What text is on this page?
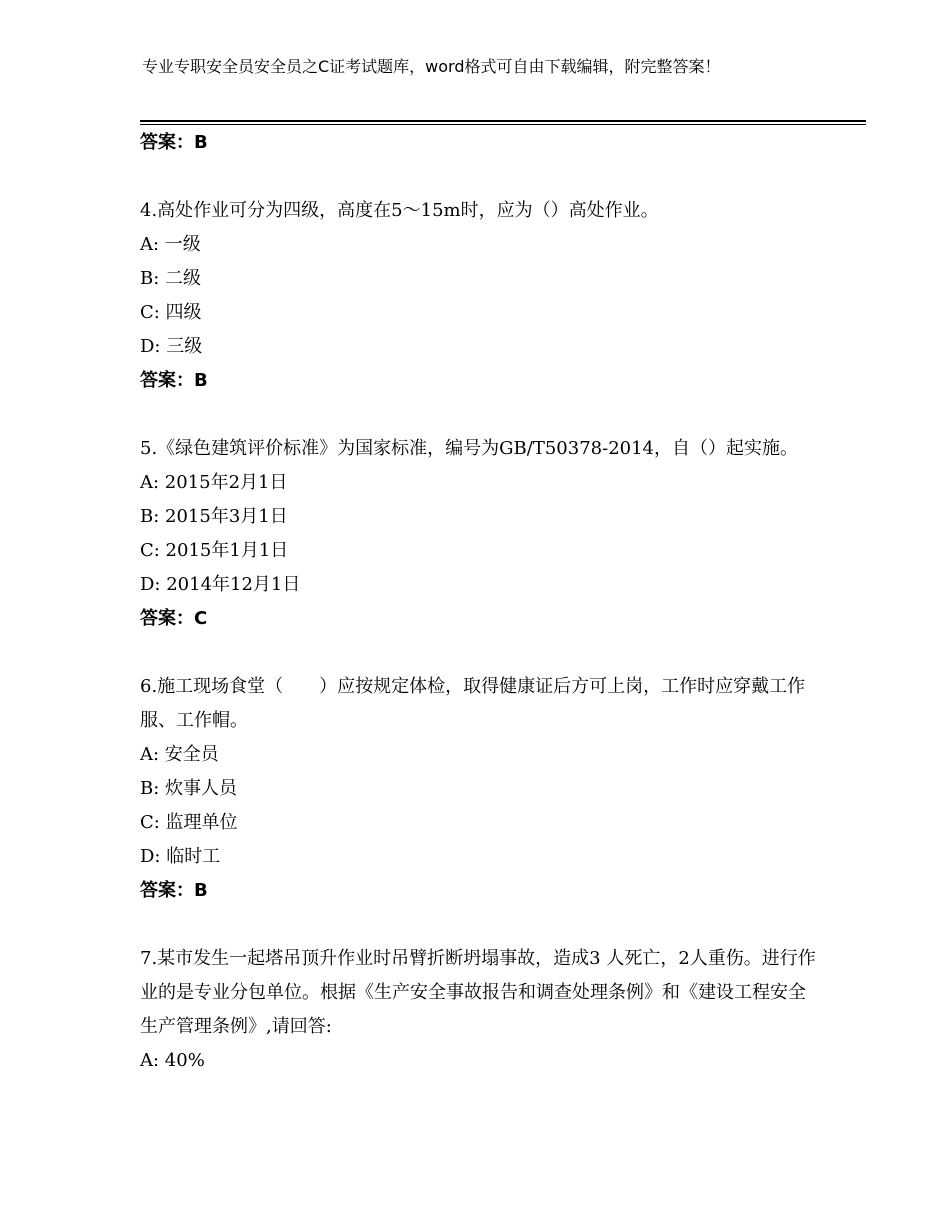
专业专职安全员安全员之C证考试题库，word格式可自由下载编辑，附完整答案！

答案：B

4.高处作业可分为四级，高度在5～15m时，应为（）高处作业。

A: 一级

B: 二级

C: 四级

D: 三级

答案：B

5.《绿色建筑评价标准》为国家标准，编号为GB/T50378-2014，自（）起实施。

A: 2015年2月1日

B: 2015年3月1日

C: 2015年1月1日

D: 2014年12月1日

答案：C

6.施工现场食堂（　　）应按规定体检，取得健康证后方可上岗，工作时应穿戴工作服、工作帽。

A: 安全员

B: 炊事人员

C: 监理单位

D: 临时工

答案：B

7.某市发生一起塔吊顶升作业时吊臂折断坍塌事故，造成3 人死亡，2人重伤。进行作业的是专业分包单位。根据《生产安全事故报告和调查处理条例》和《建设工程安全生产管理条例》,请回答:

A: 40%
